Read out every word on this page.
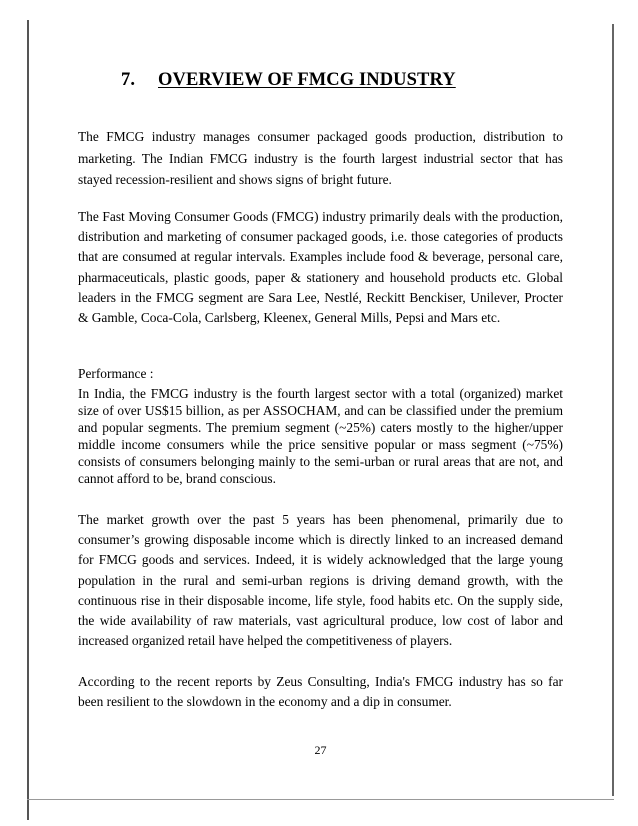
7. OVERVIEW OF FMCG INDUSTRY

The FMCG industry manages consumer packaged goods production, distribution to marketing. The Indian FMCG industry is the fourth largest industrial sector that has stayed recession-resilient and shows signs of bright future.

The Fast Moving Consumer Goods (FMCG) industry primarily deals with the production, distribution and marketing of consumer packaged goods, i.e. those categories of products that are consumed at regular intervals. Examples include food & beverage, personal care, pharmaceuticals, plastic goods, paper & stationery and household products etc. Global leaders in the FMCG segment are Sara Lee, Nestlé, Reckitt Benckiser, Unilever, Procter & Gamble, Coca-Cola, Carlsberg, Kleenex, General Mills, Pepsi and Mars etc.

Performance :

In India, the FMCG industry is the fourth largest sector with a total (organized) market size of over US$15 billion, as per ASSOCHAM, and can be classified under the premium and popular segments. The premium segment (~25%) caters mostly to the higher/upper middle income consumers while the price sensitive popular or mass segment (~75%) consists of consumers belonging mainly to the semi-urban or rural areas that are not, and cannot afford to be, brand conscious.

The market growth over the past 5 years has been phenomenal, primarily due to consumer’s growing disposable income which is directly linked to an increased demand for FMCG goods and services. Indeed, it is widely acknowledged that the large young population in the rural and semi-urban regions is driving demand growth, with the continuous rise in their disposable income, life style, food habits etc. On the supply side, the wide availability of raw materials, vast agricultural produce, low cost of labor and increased organized retail have helped the competitiveness of players.

According to the recent reports by Zeus Consulting, India's FMCG industry has so far been resilient to the slowdown in the economy and a dip in consumer.

27
